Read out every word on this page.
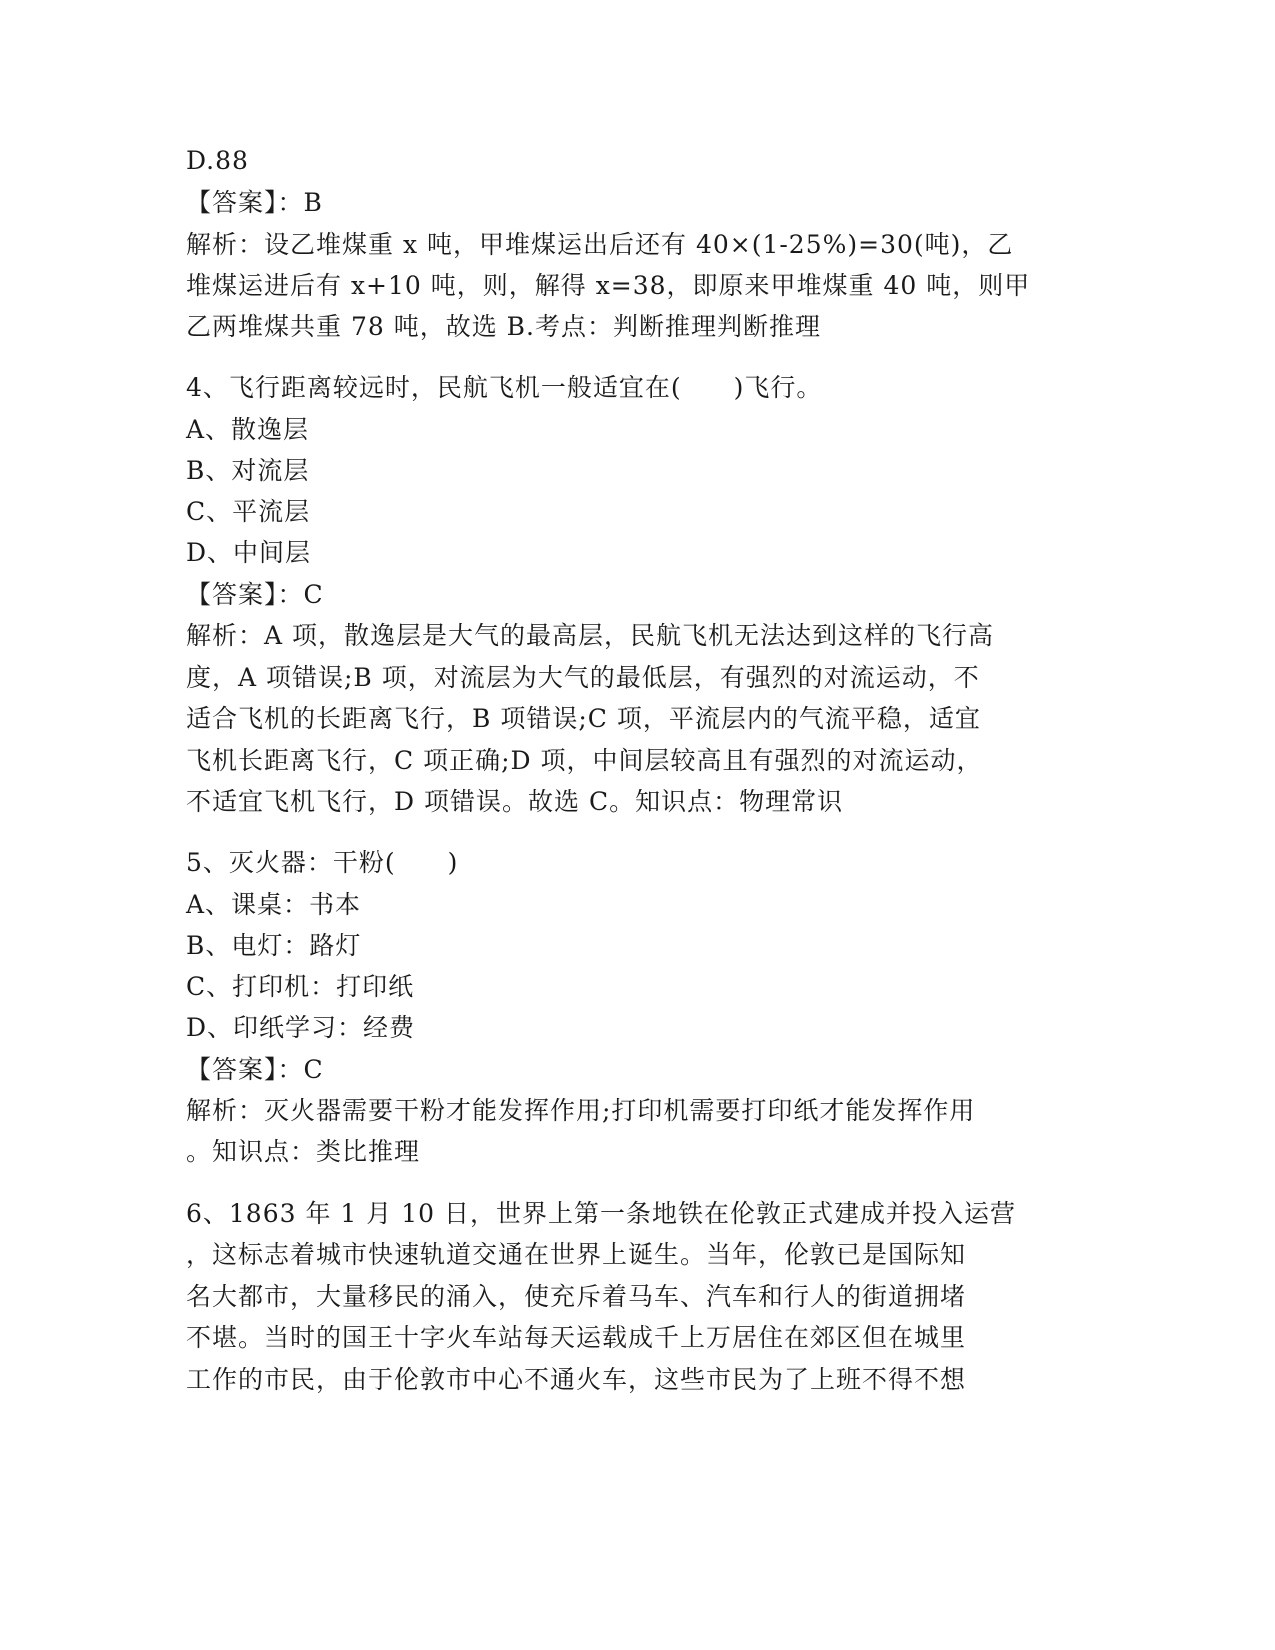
D.88
【答案】：B
解析：设乙堆煤重 x 吨，甲堆煤运出后还有 40×(1-25%)=30(吨)，乙
堆煤运进后有 x+10 吨，则，解得 x=38，即原来甲堆煤重 40 吨，则甲
乙两堆煤共重 78 吨，故选 B.考点：判断推理判断推理
4、飞行距离较远时，民航飞机一般适宜在(　　)飞行。
A、散逸层
B、对流层
C、平流层
D、中间层
【答案】：C
解析：A 项，散逸层是大气的最高层，民航飞机无法达到这样的飞行高
度，A 项错误;B 项，对流层为大气的最低层，有强烈的对流运动，不
适合飞机的长距离飞行，B 项错误;C 项，平流层内的气流平稳，适宜
飞机长距离飞行，C 项正确;D 项，中间层较高且有强烈的对流运动，
不适宜飞机飞行，D 项错误。故选 C。知识点：物理常识
5、灭火器：干粉(　　)
A、课桌：书本
B、电灯：路灯
C、打印机：打印纸
D、印纸学习：经费
【答案】：C
解析：灭火器需要干粉才能发挥作用;打印机需要打印纸才能发挥作用
。知识点：类比推理
6、1863 年 1 月 10 日，世界上第一条地铁在伦敦正式建成并投入运营
，这标志着城市快速轨道交通在世界上诞生。当年，伦敦已是国际知
名大都市，大量移民的涌入，使充斥着马车、汽车和行人的街道拥堵
不堪。当时的国王十字火车站每天运载成千上万居住在郊区但在城里
工作的市民，由于伦敦市中心不通火车，这些市民为了上班不得不想
